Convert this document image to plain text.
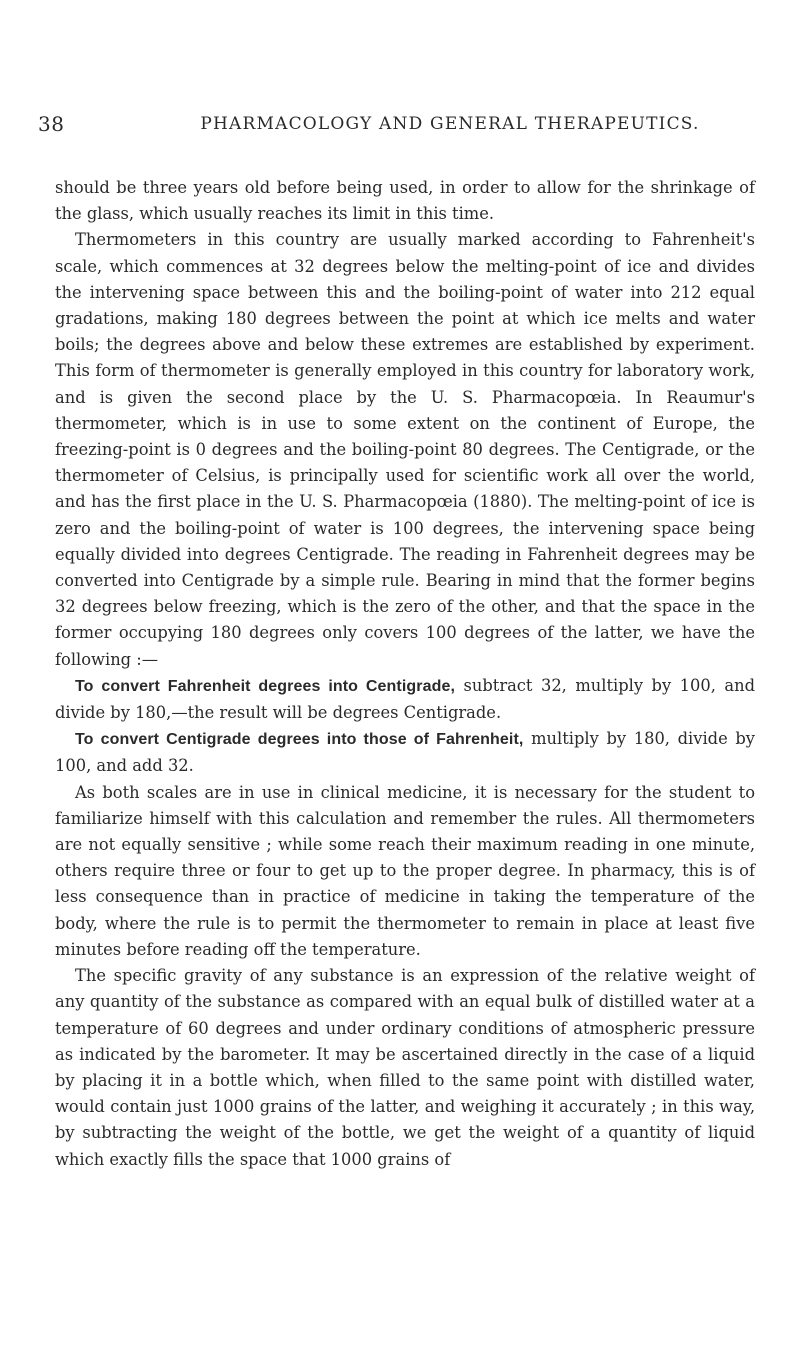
38	PHARMACOLOGY AND GENERAL THERAPEUTICS.

should be three years old before being used, in order to allow for the shrinkage of the glass, which usually reaches its limit in this time.

Thermometers in this country are usually marked according to Fahrenheit's scale, which commences at 32 degrees below the melting-point of ice and divides the intervening space between this and the boiling-point of water into 212 equal gradations, making 180 degrees between the point at which ice melts and water boils; the degrees above and below these extremes are established by experiment. This form of thermometer is generally employed in this country for laboratory work, and is given the second place by the U. S. Pharmacopœia. In Reaumur's thermometer, which is in use to some extent on the continent of Europe, the freezing-point is 0 degrees and the boiling-point 80 degrees. The Centigrade, or the thermometer of Celsius, is principally used for scientific work all over the world, and has the first place in the U. S. Pharmacopœia (1880). The melting-point of ice is zero and the boiling-point of water is 100 degrees, the intervening space being equally divided into degrees Centigrade. The reading in Fahrenheit degrees may be converted into Centigrade by a simple rule. Bearing in mind that the former begins 32 degrees below freezing, which is the zero of the other, and that the space in the former occupying 180 degrees only covers 100 degrees of the latter, we have the following :—

To convert Fahrenheit degrees into Centigrade, subtract 32, multiply by 100, and divide by 180,—the result will be degrees Centigrade.

To convert Centigrade degrees into those of Fahrenheit, multiply by 180, divide by 100, and add 32.

As both scales are in use in clinical medicine, it is necessary for the student to familiarize himself with this calculation and remember the rules. All thermometers are not equally sensitive ; while some reach their maximum reading in one minute, others require three or four to get up to the proper degree. In pharmacy, this is of less consequence than in practice of medicine in taking the temperature of the body, where the rule is to permit the thermometer to remain in place at least five minutes before reading off the temperature.

The specific gravity of any substance is an expression of the relative weight of any quantity of the substance as compared with an equal bulk of distilled water at a temperature of 60 degrees and under ordinary conditions of atmospheric pressure as indicated by the barometer. It may be ascertained directly in the case of a liquid by placing it in a bottle which, when filled to the same point with distilled water, would contain just 1000 grains of the latter, and weighing it accurately ; in this way, by subtracting the weight of the bottle, we get the weight of a quantity of liquid which exactly fills the space that 1000 grains of
